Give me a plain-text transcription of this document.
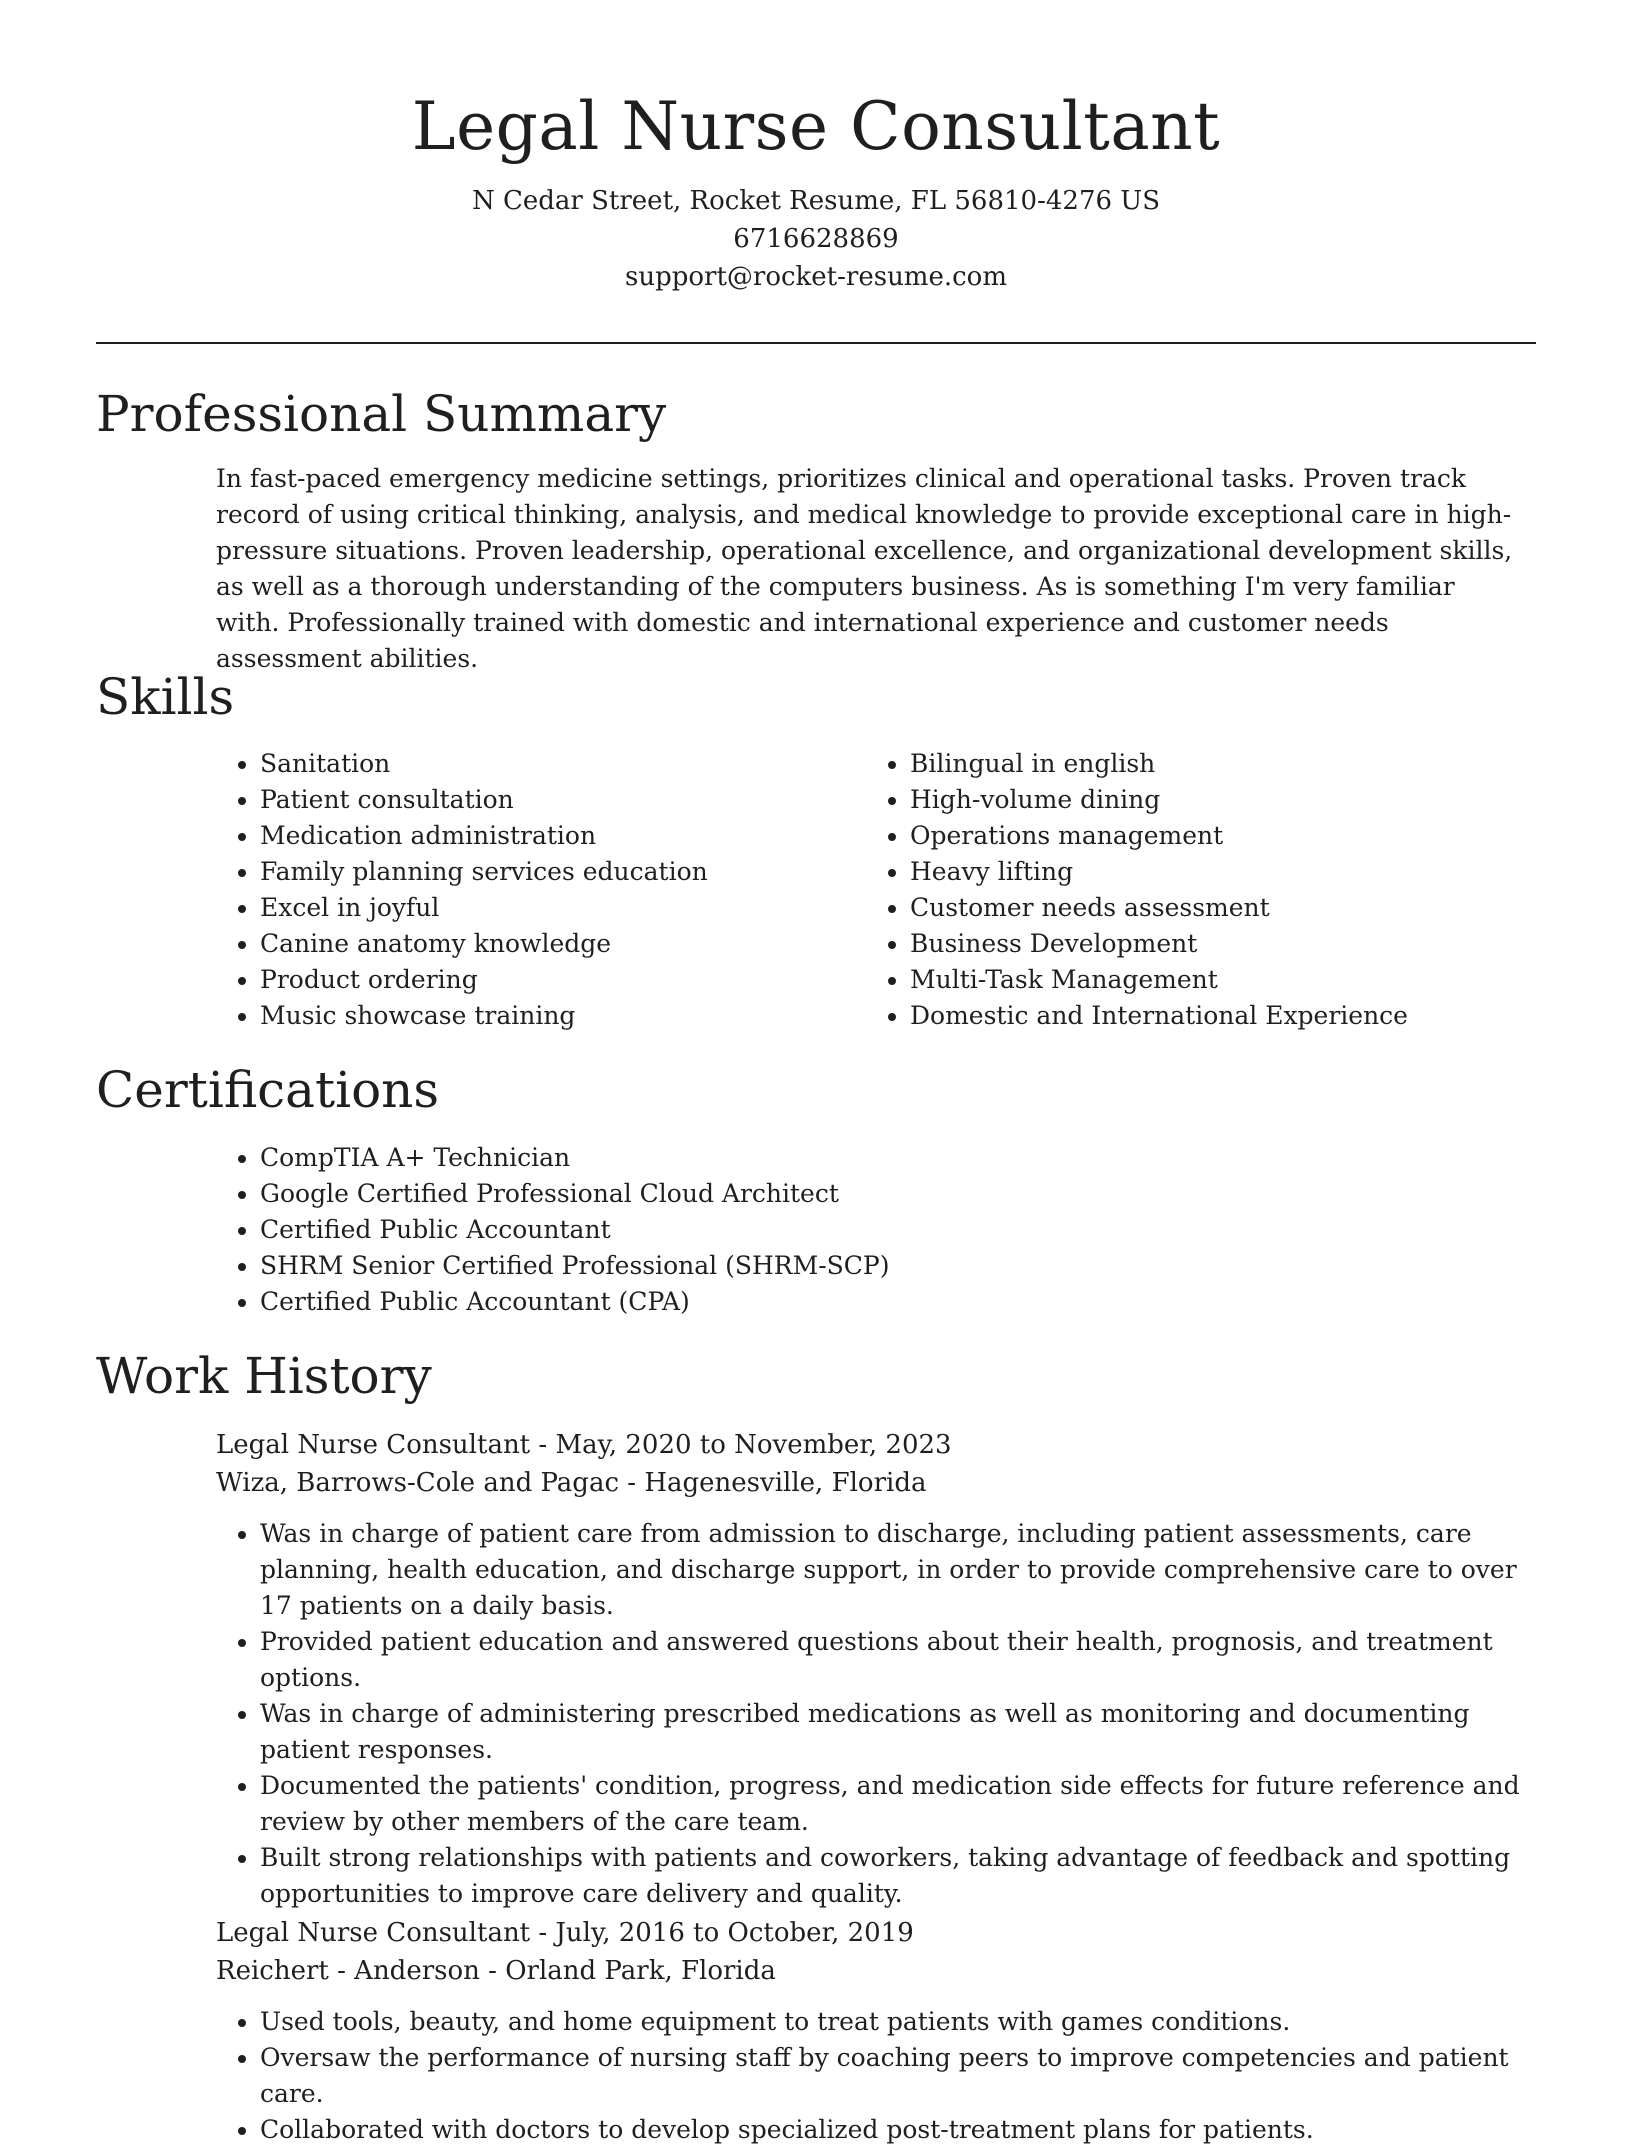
Legal Nurse Consultant
N Cedar Street, Rocket Resume, FL 56810-4276 US
6716628869
support@rocket-resume.com
Professional Summary

In fast-paced emergency medicine settings, prioritizes clinical and operational tasks. Proven track record of using critical thinking, analysis, and medical knowledge to provide exceptional care in high-pressure situations. Proven leadership, operational excellence, and organizational development skills, as well as a thorough understanding of the computers business. As is something I'm very familiar with. Professionally trained with domestic and international experience and customer needs assessment abilities.

Skills
• Sanitation
• Patient consultation
• Medication administration
• Family planning services education
• Excel in joyful
• Canine anatomy knowledge
• Product ordering
• Music showcase training
• Bilingual in english
• High-volume dining
• Operations management
• Heavy lifting
• Customer needs assessment
• Business Development
• Multi-Task Management
• Domestic and International Experience
Certifications
• CompTIA A+ Technician
• Google Certified Professional Cloud Architect
• Certified Public Accountant
• SHRM Senior Certified Professional (SHRM-SCP)
• Certified Public Accountant (CPA)
Work History
Legal Nurse Consultant - May, 2020 to November, 2023
Wiza, Barrows-Cole and Pagac - Hagenesville, Florida
• Was in charge of patient care from admission to discharge, including patient assessments, care planning, health education, and discharge support, in order to provide comprehensive care to over 17 patients on a daily basis.
• Provided patient education and answered questions about their health, prognosis, and treatment options.
• Was in charge of administering prescribed medications as well as monitoring and documenting patient responses.
• Documented the patients' condition, progress, and medication side effects for future reference and review by other members of the care team.
• Built strong relationships with patients and coworkers, taking advantage of feedback and spotting opportunities to improve care delivery and quality.
Legal Nurse Consultant - July, 2016 to October, 2019
Reichert - Anderson - Orland Park, Florida
• Used tools, beauty, and home equipment to treat patients with games conditions.
• Oversaw the performance of nursing staff by coaching peers to improve competencies and patient care.
• Collaborated with doctors to develop specialized post-treatment plans for patients.
